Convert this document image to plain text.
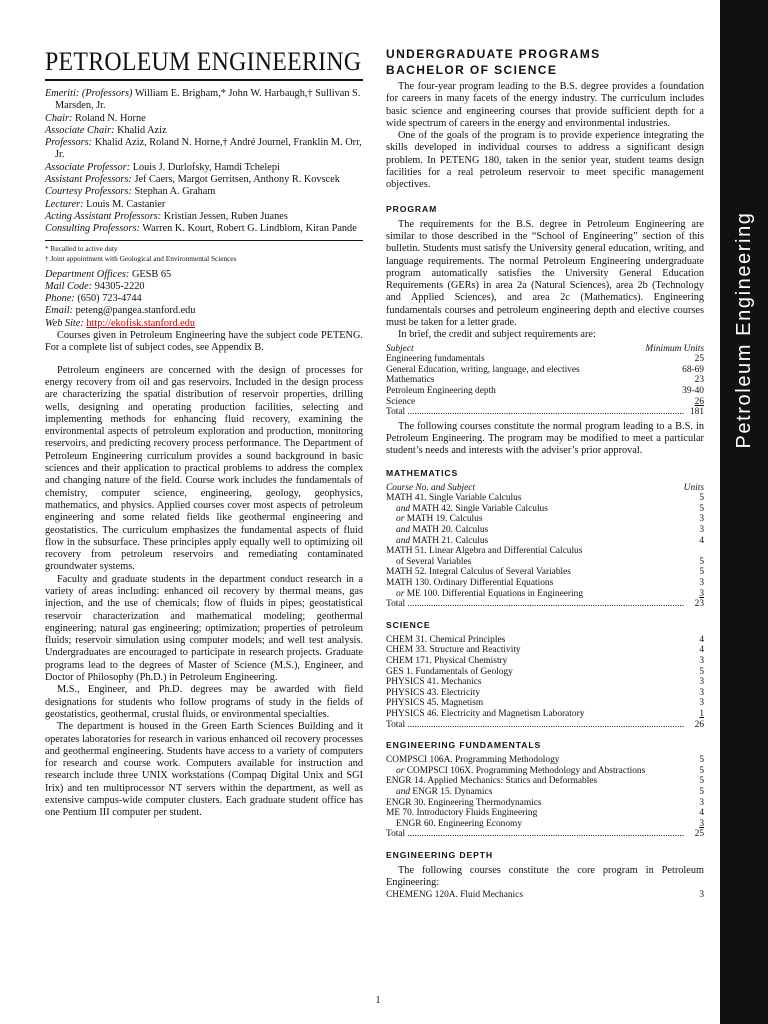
Petroleum Engineering
PETROLEUM ENGINEERING

Emeriti: (Professors) William E. Brigham,* John W. Harbaugh,† Sullivan S. Marsden, Jr.

Chair: Roland N. Horne

Associate Chair: Khalid Aziz

Professors: Khalid Aziz, Roland N. Horne,† André Journel, Franklin M. Orr, Jr.

Associate Professor: Louis J. Durlofsky, Hamdi Tchelepi

Assistant Professors: Jef Caers, Margot Gerritsen, Anthony R. Kovscek

Courtesy Professors: Stephan A. Graham

Lecturer: Louis M. Castanier

Acting Assistant Professors: Kristian Jessen, Ruben Juanes

Consulting Professors: Warren K. Kourt, Robert G. Lindblom, Kiran Pande

* Recalled to active duty

† Joint appointment with Geological and Environmental Sciences

Department Offices: GESB 65

Mail Code: 94305-2220

Phone: (650) 723-4744

Email: peteng@pangea.stanford.edu

Web Site: http://ekofisk.stanford.edu

Courses given in Petroleum Engineering have the subject code PETENG. For a complete list of subject codes, see Appendix B.

Petroleum engineers are concerned with the design of processes for energy recovery from oil and gas reservoirs. Included in the design process are characterizing the spatial distribution of reservoir properties, drilling wells, designing and operating production facilities, selecting and implementing methods for enhancing fluid recovery, examining the environmental aspects of petroleum exploration and production, monitoring reservoirs, and predicting recovery process performance. The Department of Petroleum Engineering curriculum provides a sound background in basic sciences and their application to practical problems to address the complex and changing nature of the field. Course work includes the fundamentals of chemistry, computer science, engineering, geology, geophysics, mathematics, and physics. Applied courses cover most aspects of petroleum engineering and some related fields like geothermal engineering and geostatistics. The curriculum emphasizes the fundamental aspects of fluid flow in the subsurface. These principles apply equally well to optimizing oil recovery from petroleum reservoirs and remediating contaminated groundwater systems.

Faculty and graduate students in the department conduct research in a variety of areas including: enhanced oil recovery by thermal means, gas injection, and the use of chemicals; flow of fluids in pipes; geostatistical reservoir characterization and mathematical modeling; geothermal engineering; natural gas engineering; optimization; properties of petroleum fluids; reservoir simulation using computer models; and well test analysis. Undergraduates are encouraged to participate in research projects. Graduate programs lead to the degrees of Master of Science (M.S.), Engineer, and Doctor of Philosophy (Ph.D.) in Petroleum Engineering.

M.S., Engineer, and Ph.D. degrees may be awarded with field designations for students who follow programs of study in the fields of geostatistics, geothermal, crustal fluids, or environmental specialties.

The department is housed in the Green Earth Sciences Building and it operates laboratories for research in various enhanced oil recovery processes and geothermal engineering. Students have access to a variety of computers for research and course work. Computers available for instruction and research include three UNIX workstations (Compaq Digital Unix and SGI Irix) and ten multiprocessor NT servers within the department, as well as extensive campus-wide computer clusters. Each graduate student office has one Pentium III computer per student.

UNDERGRADUATE PROGRAMS

BACHELOR OF SCIENCE

The four-year program leading to the B.S. degree provides a foundation for careers in many facets of the energy industry. The curriculum includes basic science and engineering courses that provide sufficient depth for a wide spectrum of careers in the energy and environmental industries.

One of the goals of the program is to provide experience integrating the skills developed in individual courses to address a significant design problem. In PETENG 180, taken in the senior year, student teams design facilities for a real petroleum reservoir to meet specific management objectives.

PROGRAM

The requirements for the B.S. degree in Petroleum Engineering are similar to those described in the “School of Engineering” section of this bulletin. Students must satisfy the University general education, writing, and language requirements. The normal Petroleum Engineering undergraduate program automatically satisfies the University General Education Requirements (GERs) in area 2a (Natural Sciences), area 2b (Technology and Applied Sciences), and area 2c (Mathematics). Engineering fundamentals courses and petroleum engineering depth and elective courses must be taken for a letter grade.

In brief, the credit and subject requirements are:

Subject	Minimum Units
Engineering fundamentals	25
General Education, writing, language, and electives	68-69
Mathematics	23
Petroleum Engineering depth	39-40
Science	26
Total .....	181

The following courses constitute the normal program leading to a B.S. in Petroleum Engineering. The program may be modified to meet a particular student’s needs and interests with the adviser’s prior approval.

MATHEMATICS

Course No. and Subject	Units
MATH 41. Single Variable Calculus	5
and MATH 42. Single Variable Calculus	5
or MATH 19. Calculus	3
and MATH 20. Calculus	3
and MATH 21. Calculus	4
MATH 51. Linear Algebra and Differential Calculus
of Several Variables	5
MATH 52. Integral Calculus of Several Variables	5
MATH 130. Ordinary Differential Equations	3
or ME 100. Differential Equations in Engineering	3
Total .....	23

SCIENCE

CHEM 31. Chemical Principles	4
CHEM 33. Structure and Reactivity	4
CHEM 171. Physical Chemistry	3
GES 1. Fundamentals of Geology	5
PHYSICS 41. Mechanics	3
PHYSICS 43. Electricity	3
PHYSICS 45. Magnetism	3
PHYSICS 46. Electricity and Magnetism Laboratory	1
Total .....	26

ENGINEERING FUNDAMENTALS

COMPSCI 106A. Programming Methodology	5
or COMPSCI 106X. Programming Methodology and Abstractions	5
ENGR 14. Applied Mechanics: Statics and Deformables	5
and ENGR 15. Dynamics	5
ENGR 30. Engineering Thermodynamics	3
ME 70. Introductory Fluids Engineering	4
ENGR 60. Engineering Economy	3
Total .....	25

ENGINEERING DEPTH

The following courses constitute the core program in Petroleum Engineering:

CHEMENG 120A. Fluid Mechanics	3
1
